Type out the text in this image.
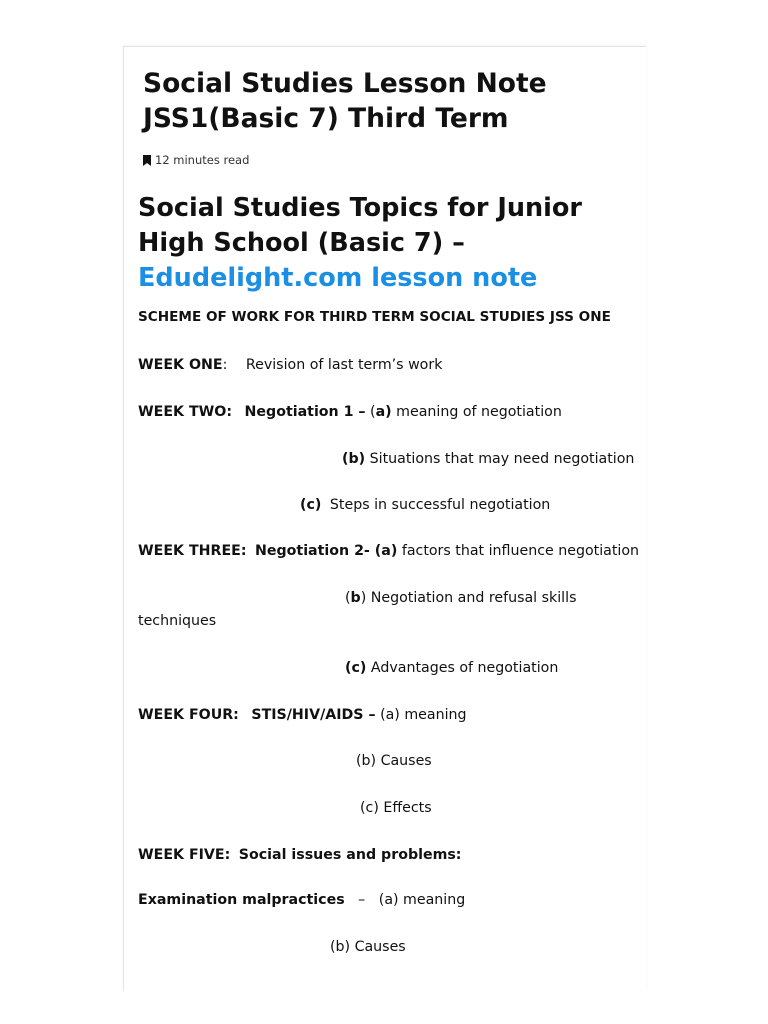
Social Studies Lesson Note JSS1(Basic 7) Third Term
12 minutes read
Social Studies Topics for Junior High School (Basic 7) – Edudelight.com lesson note
SCHEME OF WORK FOR THIRD TERM SOCIAL STUDIES JSS ONE
WEEK ONE: Revision of last term’s work
WEEK TWO: Negotiation 1 – (a) meaning of negotiation
(b) Situations that may need negotiation
(c) Steps in successful negotiation
WEEK THREE: Negotiation 2- (a) factors that influence negotiation
(b) Negotiation and refusal skills
techniques
(c) Advantages of negotiation
WEEK FOUR: STIS/HIV/AIDS – (a) meaning
(b) Causes
(c) Effects
WEEK FIVE: Social issues and problems:
Examination malpractices – (a) meaning
(b) Causes
